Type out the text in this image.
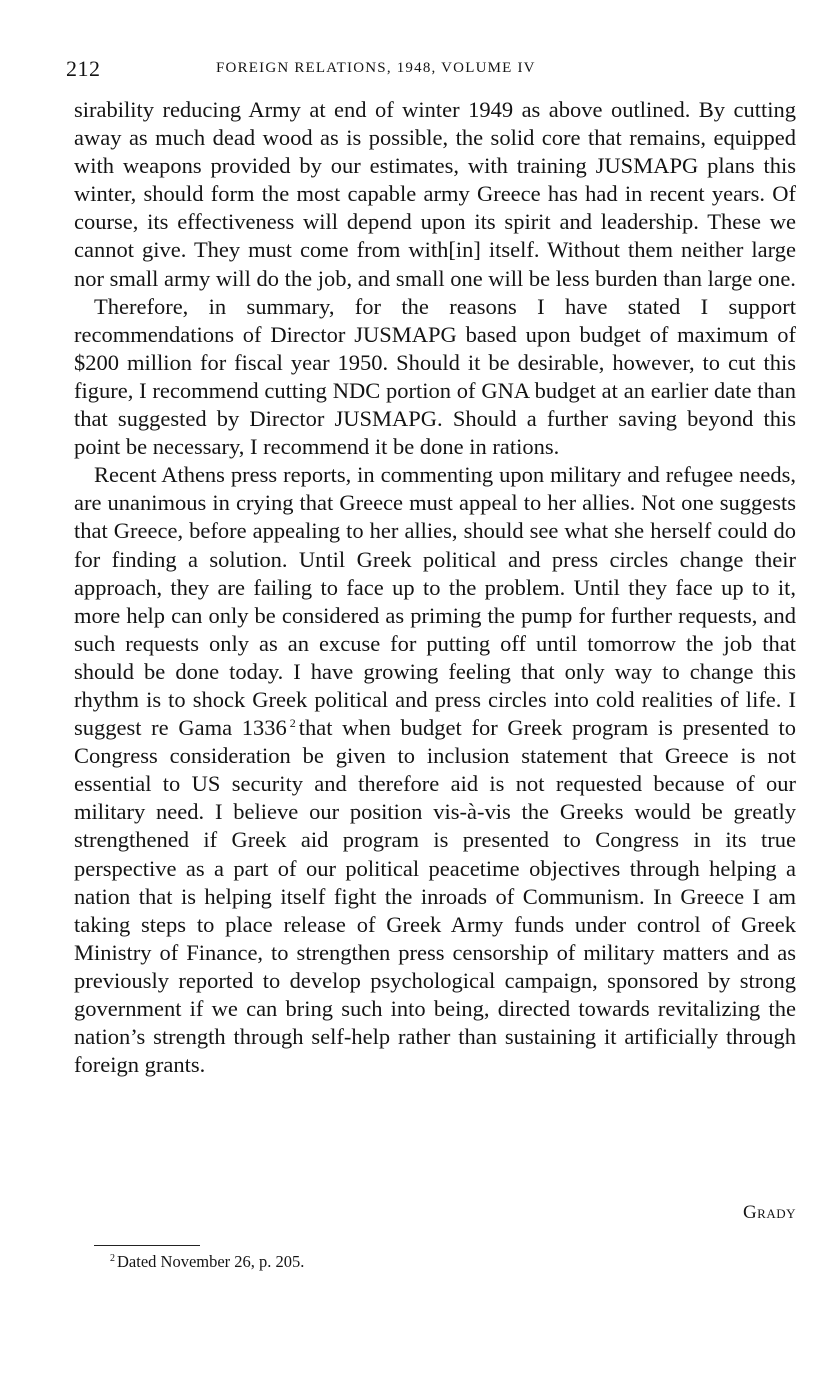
212	FOREIGN RELATIONS, 1948, VOLUME IV

sirability reducing Army at end of winter 1949 as above outlined. By cutting away as much dead wood as is possible, the solid core that remains, equipped with weapons provided by our estimates, with training JUSMAPG plans this winter, should form the most capable army Greece has had in recent years. Of course, its effectiveness will depend upon its spirit and leadership. These we cannot give. They must come from with[in] itself. Without them neither large nor small army will do the job, and small one will be less burden than large one.

Therefore, in summary, for the reasons I have stated I support recommendations of Director JUSMAPG based upon budget of maximum of $200 million for fiscal year 1950. Should it be desirable, however, to cut this figure, I recommend cutting NDC portion of GNA budget at an earlier date than that suggested by Director JUSMAPG. Should a further saving beyond this point be necessary, I recommend it be done in rations.

Recent Athens press reports, in commenting upon military and refugee needs, are unanimous in crying that Greece must appeal to her allies. Not one suggests that Greece, before appealing to her allies, should see what she herself could do for finding a solution. Until Greek political and press circles change their approach, they are failing to face up to the problem. Until they face up to it, more help can only be considered as priming the pump for further requests, and such requests only as an excuse for putting off until tomorrow the job that should be done today. I have growing feeling that only way to change this rhythm is to shock Greek political and press circles into cold realities of life. I suggest re Gama 1336 $^2$ that when budget for Greek program is presented to Congress consideration be given to inclusion statement that Greece is not essential to US security and therefore aid is not requested because of our military need. I believe our position vis-à-vis the Greeks would be greatly strengthened if Greek aid program is presented to Congress in its true perspective as a part of our political peacetime objectives through helping a nation that is helping itself fight the inroads of Communism. In Greece I am taking steps to place release of Greek Army funds under control of Greek Ministry of Finance, to strengthen press censorship of military matters and as previously reported to develop psychological campaign, sponsored by strong government if we can bring such into being, directed towards revitalizing the nation’s strength through self-help rather than sustaining it artificially through foreign grants.

Grady
$^2$ Dated November 26, p. 205.
